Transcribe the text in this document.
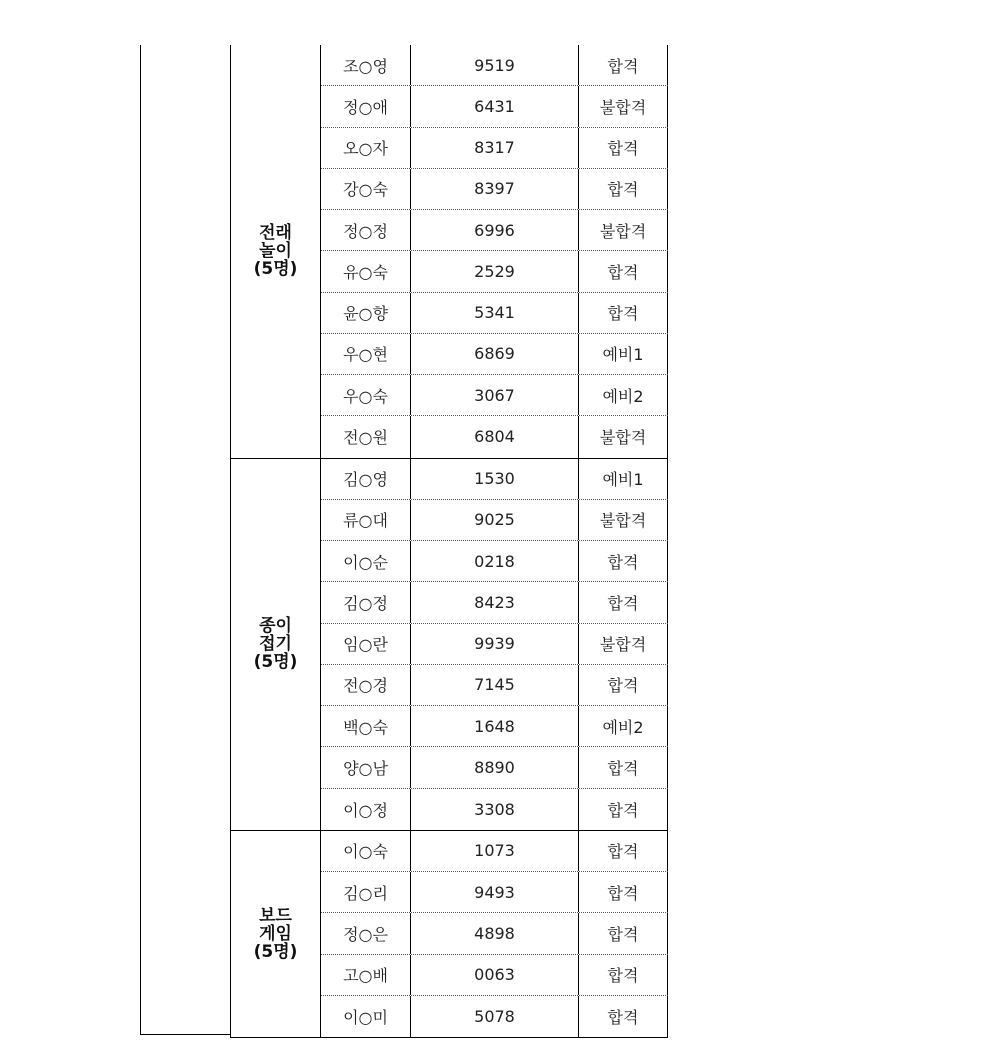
전래
놀이
(5명)
조○영	9519	합격
정○애	6431	불합격
오○자	8317	합격
강○숙	8397	합격
정○정	6996	불합격
유○숙	2529	합격
윤○향	5341	합격
우○현	6869	예비1
우○숙	3067	예비2
전○원	6804	불합격
종이
접기
(5명)
김○영	1530	예비1
류○대	9025	불합격
이○순	0218	합격
김○정	8423	합격
임○란	9939	불합격
전○경	7145	합격
백○숙	1648	예비2
양○남	8890	합격
이○정	3308	합격
보드
게임
(5명)
이○숙	1073	합격
김○리	9493	합격
정○은	4898	합격
고○배	0063	합격
이○미	5078	합격
